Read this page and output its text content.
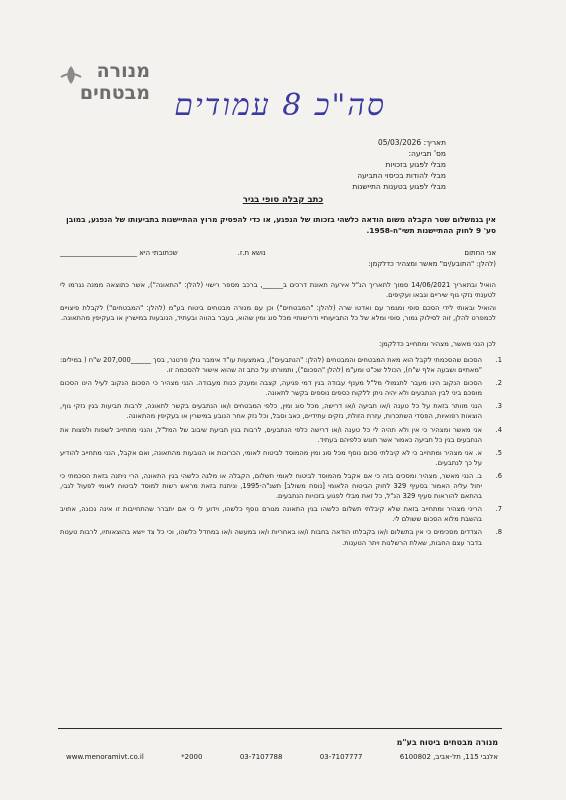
מנורה
מבטחים סה"כ 8 עמודים
תאריך: 05/03/2026
מס' תביעה:
מבלי לפגוע בזכויות
מבלי להודות בכיסוי התביעה
מבלי לפגוע בטענות התיישנות
כתב קבלה סופי בגיר
אין בגמשלום שטר הקבלה משום הודאה כלשהי בזכותו של הנפגע, או כדי להפסיק מרוץ ההתיישנות בתביעותו של הנפגע, במובן סע' 9 לחוק ההתיישנות תשי"ח-1958.
אני החתום
נושא ת.ז.
שכתובתי היא ______________________
(להלן: "התובע/ים" מאשר ומצהיר כדלקמן:
הואיל ובתאריך 14/06/2021 סמוך לתאריך הנ"ל אירעה תאונת דרכים ב______, ברכב מספר רישוי (להלן: "התאונה"), אשר כתוצאה ממנה נגרמו לי לטענתי נזקי גוף שיריים וגבאו ועקיפים.
והואיל ובאותי לידי הסכם סופי ומגמר עם ואדטו שרה (להלן: "המבטחים") וכן עם מנורה מבטחים ביטוח בע"מ (להלן: "המבטחים") לקבלת פיצויים לכמפרט להלן, זוה לסילוק גמור, סופי ומלא של כל התביעותיי ודרישותיי מכל סוג ומין שהוא, בעבר בהווה ובעתיד, הנובעות במישרין או בעקיפין מהתאונה.
לכן הנני מאשר, מצהיר ומתחייב כדלקמן:
1.
הסכום שהסכמתי לקבל הוא מאת המבטחים והמבטחים (להלן: "הנתבעים"), באמצעות עו"ד אימבר גולן פרטנר, בסך ______207,000 ש"ח ( במילים: "מאתיים ושבעה אלף ש"ח), הכולל שכ"ט ומע"מ (להלן "הסכום"), ותמורתו על כתב זה שהוא אישור להסכמה זו.
2.
הסכום הנקוב הינו מעבר לתגמולי מל"ל מענף עבודה בגין דמי פגיעה, קצבה ומענק כנות מעבודה. הנני מצהיר כי הסכום הנקוב לעיל הינו הסכום מוסכם ביני לבין הנתבעים ולא יהיה ניתן ללקוח כספים נוספים בקשר לתאונה.
3.
הנני מוותר בזאת על כל טענה ו/או תביעה ו/או דרישה, מכל סוג ומין, כלפי המבטחים ו/או הנתבעים בקשר לתאונה, לרבות תביעות בגין נזקי גוף, הוצאות רפואיות, הפסדי השתכרות, עזרת הזולת, נזקים עתידיים, כאב וסבל, וכל נזק אחר הנובע במישרין או בעקיפין מהתאונה.
4.
אני מאשר ומצהיר כי אין ולא תהיה לי כל טענה ו/או דרישה כלפי הנתבעים, לרבות בגין תביעת שיבוב של המל"ל, והנני מתחייב לשפות ולפצות את הנתבעים בגין כל תביעה כאמור אשר תוגש כלפיהם בעתיד.
5.
א. אני מצהיר ומתחייב כי לא קיבלתי סכום נוסף מכל סוג ומין מהמוסד לביטוח לאומי, הכרוכות או הנובעות מהתאונה, ואם אקבל, הנני מתחייב להודיע על כך לנתבעים.
6.
ב. הנני מאשר, מצהיר ומסכים בזה כי אם אקבל מהמוסד לביטוח לאומי תשלום, הקבלה או מלגה כלשהי בגין התאונה, הרי ניתנה בזאת הסכמתי כי יחול עליה האמור בסעיף 329 לחוק הביטוח הלאומי [נוסח משולב] תשנ"ה-1995, וניתנת בזאת מראש רשות למוסד לביטוח לאומי לפעול לגבי, בהתאם להוראות סעיף 329 הנ"ל, כל זאת מבלי לפגוע בזכויות הנתבעים.
7.
הריני מצהיר ומתחייב בזאת שלא קיבלתי תשלום כלשהו בגין התאונה מגורם נוסף כלשהו, וידוע לי כי אם יתברר שהתחייבות זו אינה נכונה, אחויב בהשבת מלוא הסכום ששולם לי.
8.
הצדדים מסכימים כי אין בתשלום ו/או בקבלתו הודאה בחבות ו/או באחריות ו/או במעשה ו/או במחדל כלשהו, וכי כל צד יישא בהוצאותיו, לרבות טענות בדבר עצם החבות, שאלת הרשלנות ויתר הטענות.
מנורה מבטחים ביטוח בע"מ
www.menoramivt.co.il	*2000	03-7107788	03-7107777	אלנבי 115, תל-אביב, 6100802
